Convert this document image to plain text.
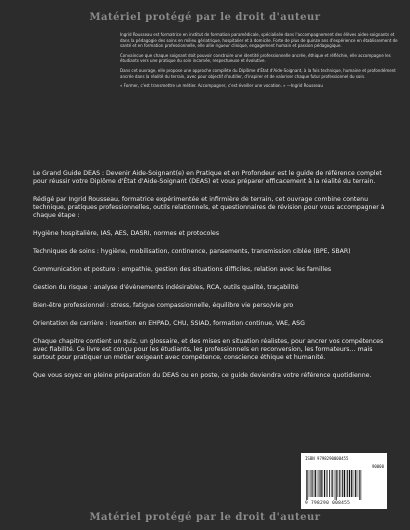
Matériel protégé par le droit d'auteur

Ingrid Rousseau est formatrice en institut de formation paramédicale, spécialisée dans l'accompagnement des élèves aides-soignants et dans la pédagogie des soins en milieu gériatrique, hospitalier et à domicile. Forte de plus de quinze ans d'expérience en établissement de santé et en formation professionnelle, elle allie rigueur clinique, engagement humain et passion pédagogique.

Convaincue que chaque soignant doit pouvoir construire une identité professionnelle ancrée, éthique et réfléchie, elle accompagne les étudiants vers une pratique du soin incarnée, respectueuse et évolutive.

Dans cet ouvrage, elle propose une approche complète du Diplôme d'État d'Aide-Soignant, à la fois technique, humaine et profondément ancrée dans la réalité du terrain, avec pour objectif d'outiller, d'inspirer et de valoriser chaque futur professionnel du soin.

« Former, c'est transmettre un métier. Accompagner, c'est éveiller une vocation. » —Ingrid Rousseau

Le Grand Guide DEAS : Devenir Aide-Soignant(e) en Pratique et en Profondeur est le guide de référence complet pour réussir votre Diplôme d'État d'Aide-Soignant (DEAS) et vous préparer efficacement à la réalité du terrain.

Rédigé par Ingrid Rousseau, formatrice expérimentée et infirmière de terrain, cet ouvrage combine contenu technique, pratiques professionnelles, outils relationnels, et questionnaires de révision pour vous accompagner à chaque étape :

Hygiène hospitalière, IAS, AES, DASRI, normes et protocoles

Techniques de soins : hygiène, mobilisation, continence, pansements, transmission ciblée (BPE, SBAR)

Communication et posture : empathie, gestion des situations difficiles, relation avec les familles

Gestion du risque : analyse d'évènements indésirables, RCA, outils qualité, traçabilité

Bien-être professionnel : stress, fatigue compassionnelle, équilibre vie perso/vie pro

Orientation de carrière : insertion en EHPAD, CHU, SSIAD, formation continue, VAE, ASG

Chaque chapitre contient un quiz, un glossaire, et des mises en situation réalistes, pour ancrer vos compétences avec fiabilité. Ce livre est conçu pour les étudiants, les professionnels en reconversion, les formateurs… mais surtout pour pratiquer un métier exigeant avec compétence, conscience éthique et humanité.

Que vous soyez en pleine préparation du DEAS ou en poste, ce guide deviendra votre référence quotidienne.

ISBN 9798290008455
90000
9 798290 008455
Matériel protégé par le droit d'auteur
